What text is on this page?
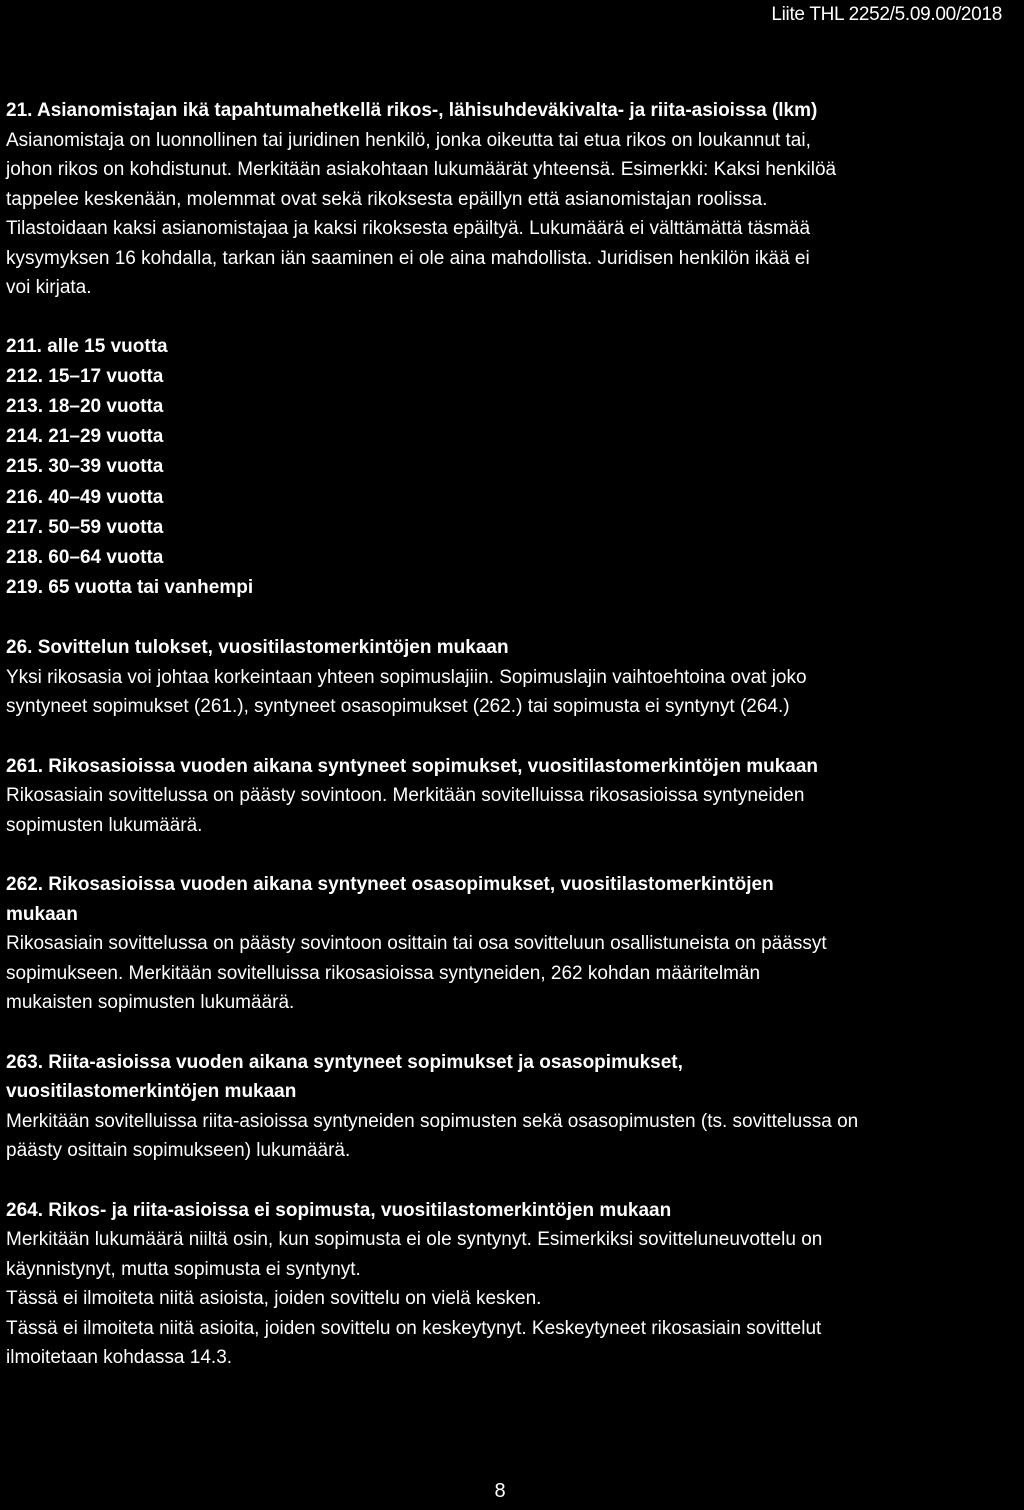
Liite THL 2252/5.09.00/2018
21. Asianomistajan ikä tapahtumahetkellä rikos-, lähisuhdeväkivalta- ja riita-asioissa (lkm)
Asianomistaja on luonnollinen tai juridinen henkilö, jonka oikeutta tai etua rikos on loukannut tai,
johon rikos on kohdistunut. Merkitään asiakohtaan lukumäärät yhteensä. Esimerkki: Kaksi henkilöä
tappelee keskenään, molemmat ovat sekä rikoksesta epäillyn että asianomistajan roolissa.
Tilastoidaan kaksi asianomistajaa ja kaksi rikoksesta epäiltyä. Lukumäärä ei välttämättä täsmää
kysymyksen 16 kohdalla, tarkan iän saaminen ei ole aina mahdollista. Juridisen henkilön ikää ei
voi kirjata.
211. alle 15 vuotta
212. 15–17 vuotta
213. 18–20 vuotta
214. 21–29 vuotta
215. 30–39 vuotta
216. 40–49 vuotta
217. 50–59 vuotta
218. 60–64 vuotta
219. 65 vuotta tai vanhempi
26. Sovittelun tulokset, vuositilastomerkintöjen mukaan
Yksi rikosasia voi johtaa korkeintaan yhteen sopimuslajiin. Sopimuslajin vaihtoehtoina ovat joko
syntyneet sopimukset (261.), syntyneet osasopimukset (262.) tai sopimusta ei syntynyt (264.)
261. Rikosasioissa vuoden aikana syntyneet sopimukset, vuositilastomerkintöjen mukaan
Rikosasiain sovittelussa on päästy sovintoon. Merkitään sovitelluissa rikosasioissa syntyneiden
sopimusten lukumäärä.
262. Rikosasioissa vuoden aikana syntyneet osasopimukset, vuositilastomerkintöjen
mukaan
Rikosasiain sovittelussa on päästy sovintoon osittain tai osa sovitteluun osallistuneista on päässyt
sopimukseen. Merkitään sovitelluissa rikosasioissa syntyneiden, 262 kohdan määritelmän
mukaisten sopimusten lukumäärä.
263. Riita-asioissa vuoden aikana syntyneet sopimukset ja osasopimukset,
vuositilastomerkintöjen mukaan
Merkitään sovitelluissa riita-asioissa syntyneiden sopimusten sekä osasopimusten (ts. sovittelussa on
päästy osittain sopimukseen) lukumäärä.
264. Rikos- ja riita-asioissa ei sopimusta, vuositilastomerkintöjen mukaan
Merkitään lukumäärä niiltä osin, kun sopimusta ei ole syntynyt. Esimerkiksi sovitteluneuvottelu on
käynnistynyt, mutta sopimusta ei syntynyt.
Tässä ei ilmoiteta niitä asioista, joiden sovittelu on vielä kesken.
Tässä ei ilmoiteta niitä asioita, joiden sovittelu on keskeytynyt. Keskeytyneet rikosasiain sovittelut
ilmoitetaan kohdassa 14.3.
8
